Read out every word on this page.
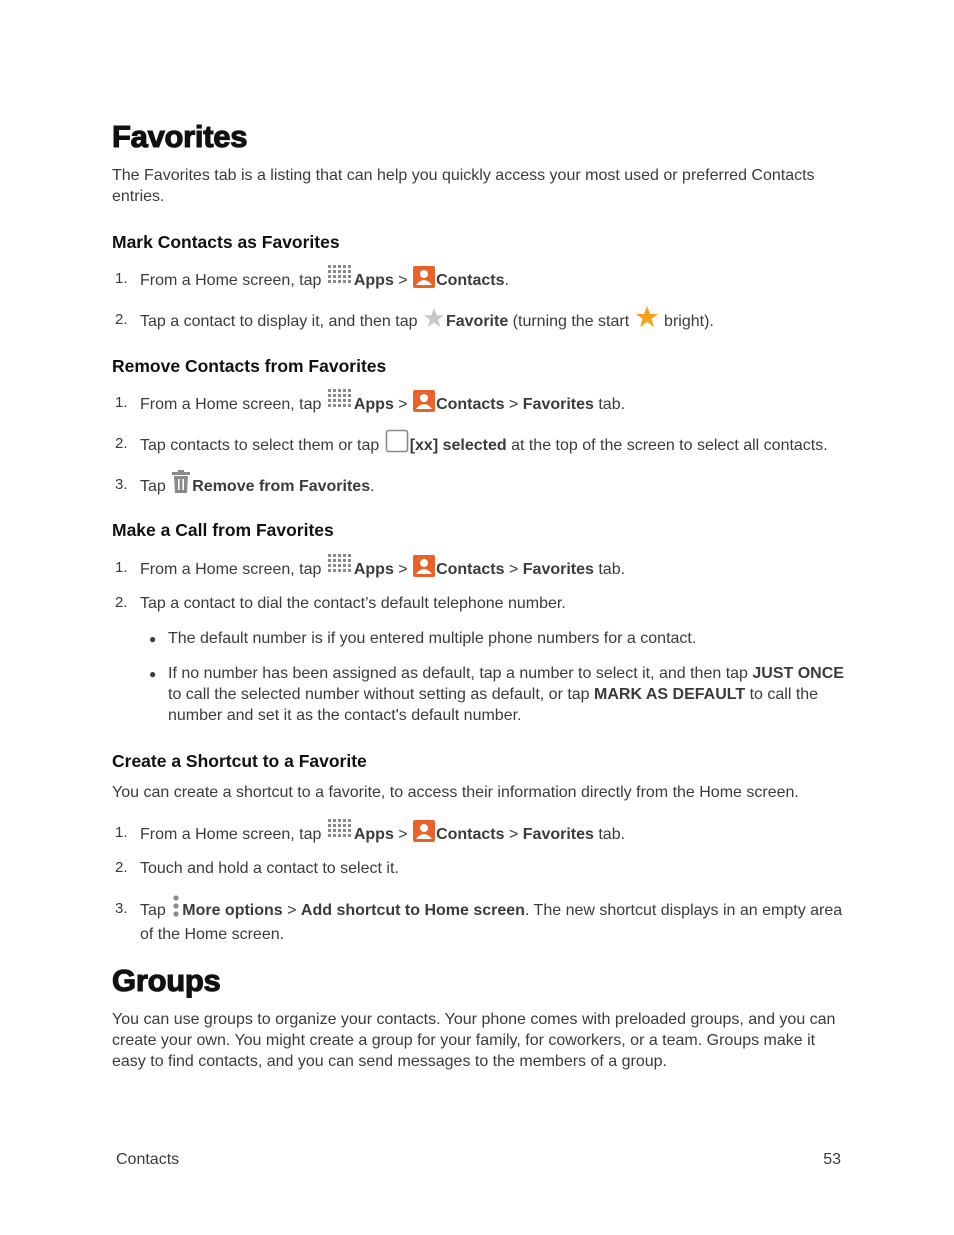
Favorites

The Favorites tab is a listing that can help you quickly access your most used or preferred Contacts entries.

Mark Contacts as Favorites
1. From a Home screen, tap Apps > Contacts.
2. Tap a contact to display it, and then tap Favorite (turning the start  bright).
Remove Contacts from Favorites
1. From a Home screen, tap Apps > Contacts > Favorites tab.
2. Tap contacts to select them or tap [xx] selected at the top of the screen to select all contacts.
3. Tap Remove from Favorites.
Make a Call from Favorites
1. From a Home screen, tap Apps > Contacts > Favorites tab.
2. Tap a contact to dial the contact’s default telephone number.
● The default number is if you entered multiple phone numbers for a contact.
● If no number has been assigned as default, tap a number to select it, and then tap JUST ONCE to call the selected number without setting as default, or tap MARK AS DEFAULT to call the number and set it as the contact's default number.
Create a Shortcut to a Favorite

You can create a shortcut to a favorite, to access their information directly from the Home screen.

1. From a Home screen, tap Apps > Contacts > Favorites tab.
2. Touch and hold a contact to select it.
3. Tap More options > Add shortcut to Home screen. The new shortcut displays in an empty area of the Home screen.
Groups

You can use groups to organize your contacts. Your phone comes with preloaded groups, and you can create your own. You might create a group for your family, for coworkers, or a team. Groups make it easy to find contacts, and you can send messages to the members of a group.

Contacts	53
